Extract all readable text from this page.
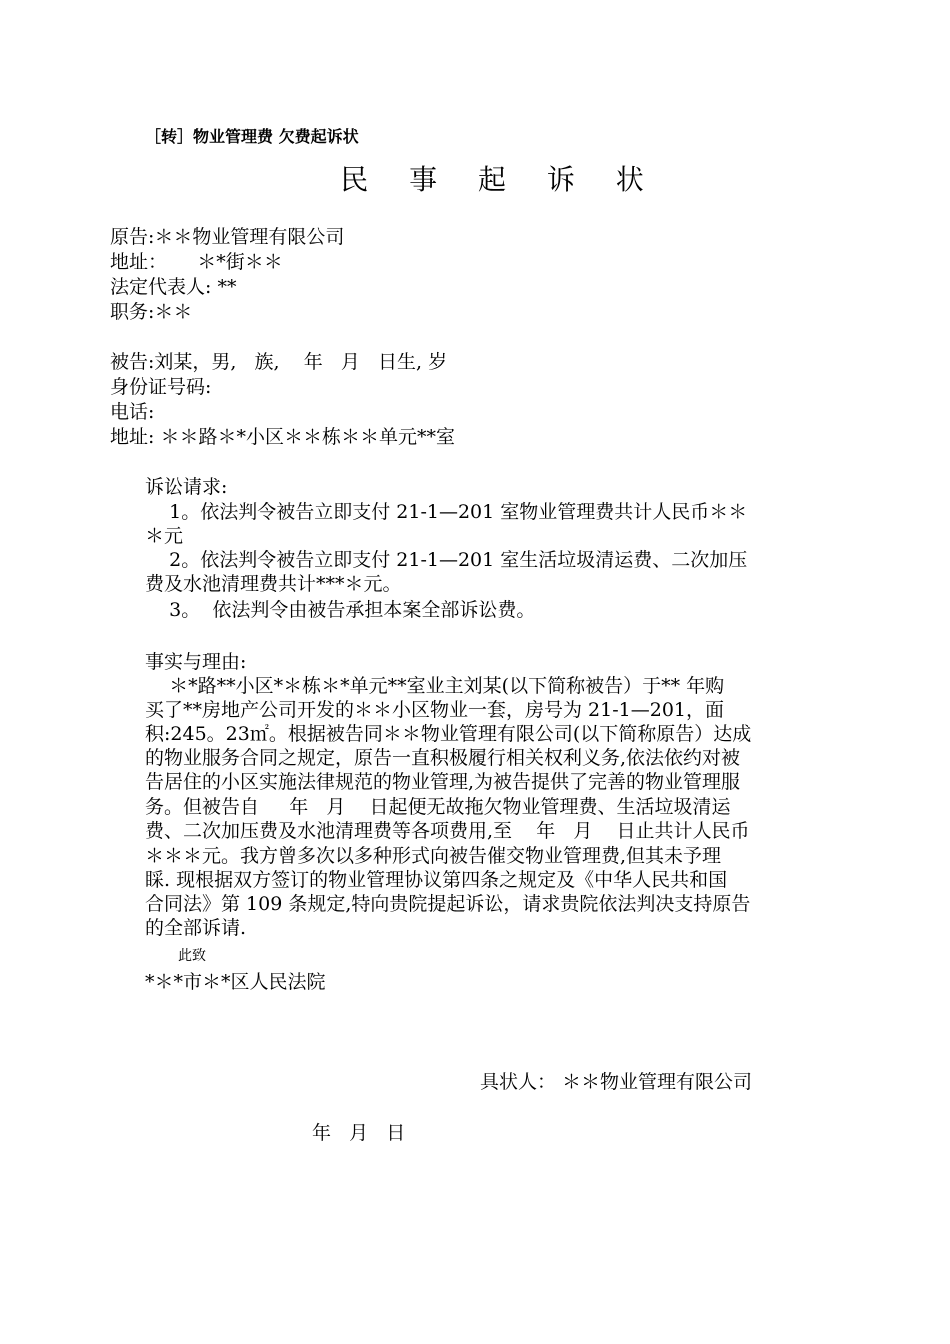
［转］物业管理费 欠费起诉状
民 事 起 诉 状
原告:＊＊物业管理有限公司
地址：     ＊*街＊＊
法定代表人: **
职务:＊＊
被告:刘某，男,   族,    年   月   日生, 岁
身份证号码:
电话:
地址: ＊＊路＊*小区＊＊栋＊＊单元**室
诉讼请求:
1。依法判令被告立即支付 21-1—201 室物业管理费共计人民币＊＊
＊元
2。依法判令被告立即支付 21-1—201 室生活垃圾清运费、二次加压
费及水池清理费共计***＊元。
3。  依法判令由被告承担本案全部诉讼费。
事实与理由:
＊*路**小区*＊栋＊*单元**室业主刘某(以下简称被告）于** 年购
买了**房地产公司开发的＊＊小区物业一套，房号为 21-1—201，面
积:245。23㎡。根据被告同＊＊物业管理有限公司(以下简称原告）达成
的物业服务合同之规定，原告一直积极履行相关权利义务,依法依约对被
告居住的小区实施法律规范的物业管理,为被告提供了完善的物业管理服
务。但被告自     年   月    日起便无故拖欠物业管理费、生活垃圾清运
费、二次加压费及水池清理费等各项费用,至    年   月    日止共计人民币
＊＊＊元。我方曾多次以多种形式向被告催交物业管理费,但其未予理
睬. 现根据双方签订的物业管理协议第四条之规定及《中华人民共和国
合同法》第 109 条规定,特向贵院提起诉讼，请求贵院依法判决支持原告
的全部诉请.
此致
*＊*市＊*区人民法院
具状人： ＊＊物业管理有限公司
年   月   日
